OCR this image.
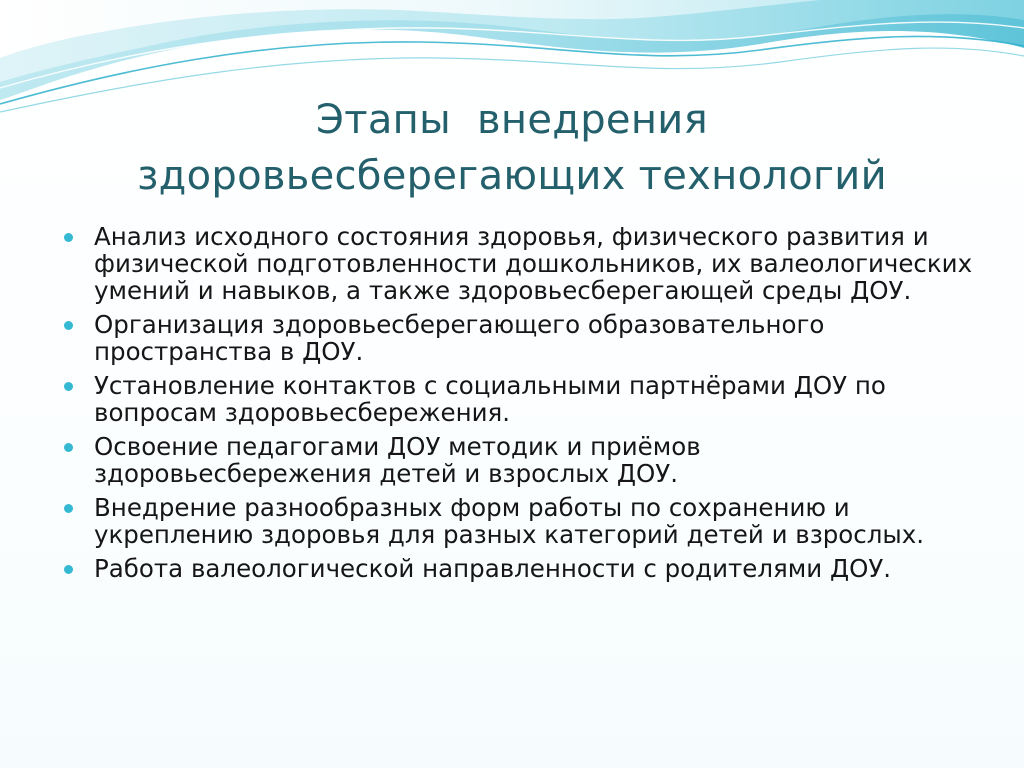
Этапы  внедрения
здоровьесберегающих технологий
Анализ исходного состояния здоровья, физического развития и физической подготовленности дошкольников, их валеологических умений и навыков, а также здоровьесберегающей среды ДОУ.
Организация здоровьесберегающего образовательного пространства в ДОУ.
Установление контактов с социальными партнёрами ДОУ по вопросам здоровьесбережения.
Освоение педагогами ДОУ методик и приёмов здоровьесбережения детей и взрослых ДОУ.
Внедрение разнообразных форм работы по сохранению и укреплению здоровья для разных категорий детей и взрослых.
Работа валеологической направленности с родителями ДОУ.
